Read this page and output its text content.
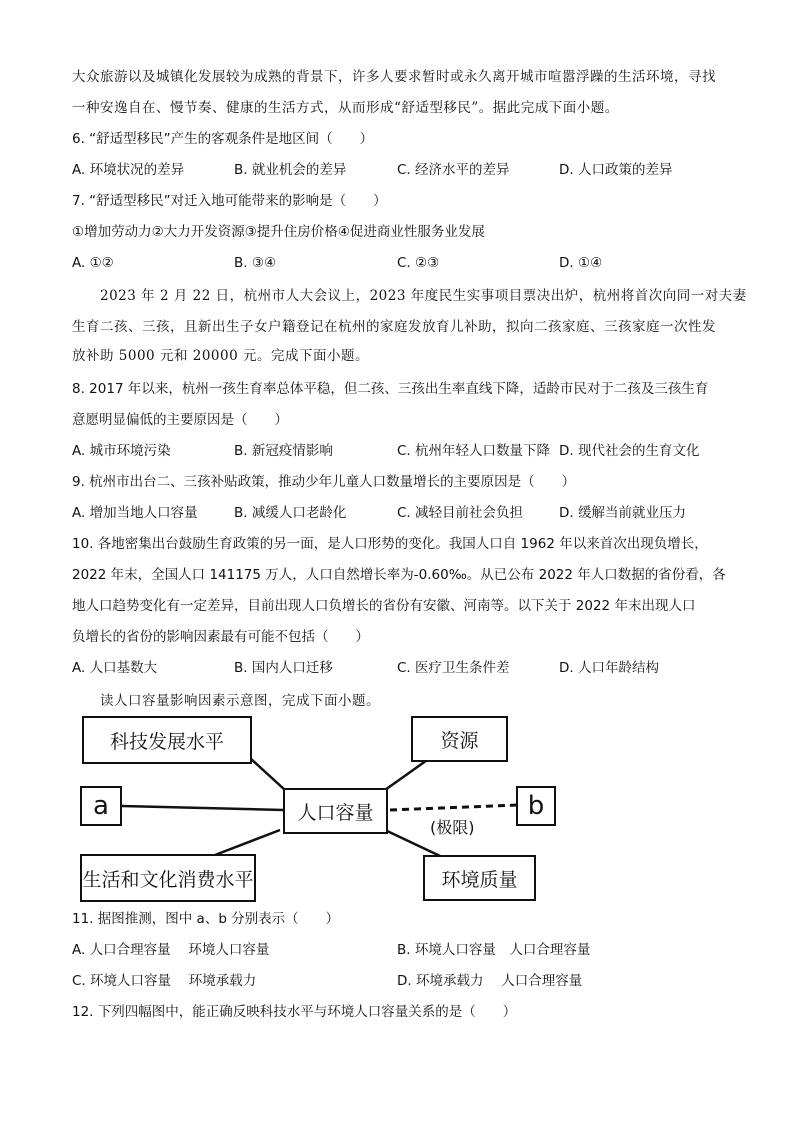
大众旅游以及城镇化发展较为成熟的背景下，许多人要求暂时或永久离开城市喧嚣浮躁的生活环境，寻找
一种安逸自在、慢节奏、健康的生活方式，从而形成“舒适型移民”。据此完成下面小题。
6. “舒适型移民”产生的客观条件是地区间（　　）
A. 环境状况的差异	B. 就业机会的差异	C. 经济水平的差异	D. 人口政策的差异
7. “舒适型移民”对迁入地可能带来的影响是（　　）
①增加劳动力②大力开发资源③提升住房价格④促进商业性服务业发展
A. ①②	B. ③④	C. ②③	D. ①④
2023 年 2 月 22 日，杭州市人大会议上，2023 年度民生实事项目票决出炉，杭州将首次向同一对夫妻
生育二孩、三孩，且新出生子女户籍登记在杭州的家庭发放育儿补助，拟向二孩家庭、三孩家庭一次性发
放补助 5000 元和 20000 元。完成下面小题。
8. 2017 年以来，杭州一孩生育率总体平稳，但二孩、三孩出生率直线下降，适龄市民对于二孩及三孩生育
意愿明显偏低的主要原因是（　　）
A. 城市环境污染	B. 新冠疫情影响	C. 杭州年轻人口数量下降 D. 现代社会的生育文化
9. 杭州市出台二、三孩补贴政策，推动少年儿童人口数量增长的主要原因是（　　）
A. 增加当地人口容量	B. 减缓人口老龄化	C. 减轻目前社会负担	D. 缓解当前就业压力
10. 各地密集出台鼓励生育政策的另一面，是人口形势的变化。我国人口自 1962 年以来首次出现负增长，
2022 年末，全国人口 141175 万人，人口自然增长率为-0.60‰。从已公布 2022 年人口数据的省份看，各
地人口趋势变化有一定差异，目前出现人口负增长的省份有安徽、河南等。以下关于 2022 年末出现人口
负增长的省份的影响因素最有可能不包括（　　）
A. 人口基数大	B. 国内人口迁移	C. 医疗卫生条件差	D. 人口年龄结构
读人口容量影响因素示意图，完成下面小题。
科技发展水平	资源
a	人口容量	b
(极限)
生活和文化消费水平	环境质量
11. 据图推测，图中 a、b 分别表示（　　）
A. 人口合理容量　 环境人口容量	B. 环境人口容量　人口合理容量
C. 环境人口容量　 环境承载力	D. 环境承载力　 人口合理容量
12. 下列四幅图中，能正确反映科技水平与环境人口容量关系的是（　　）
